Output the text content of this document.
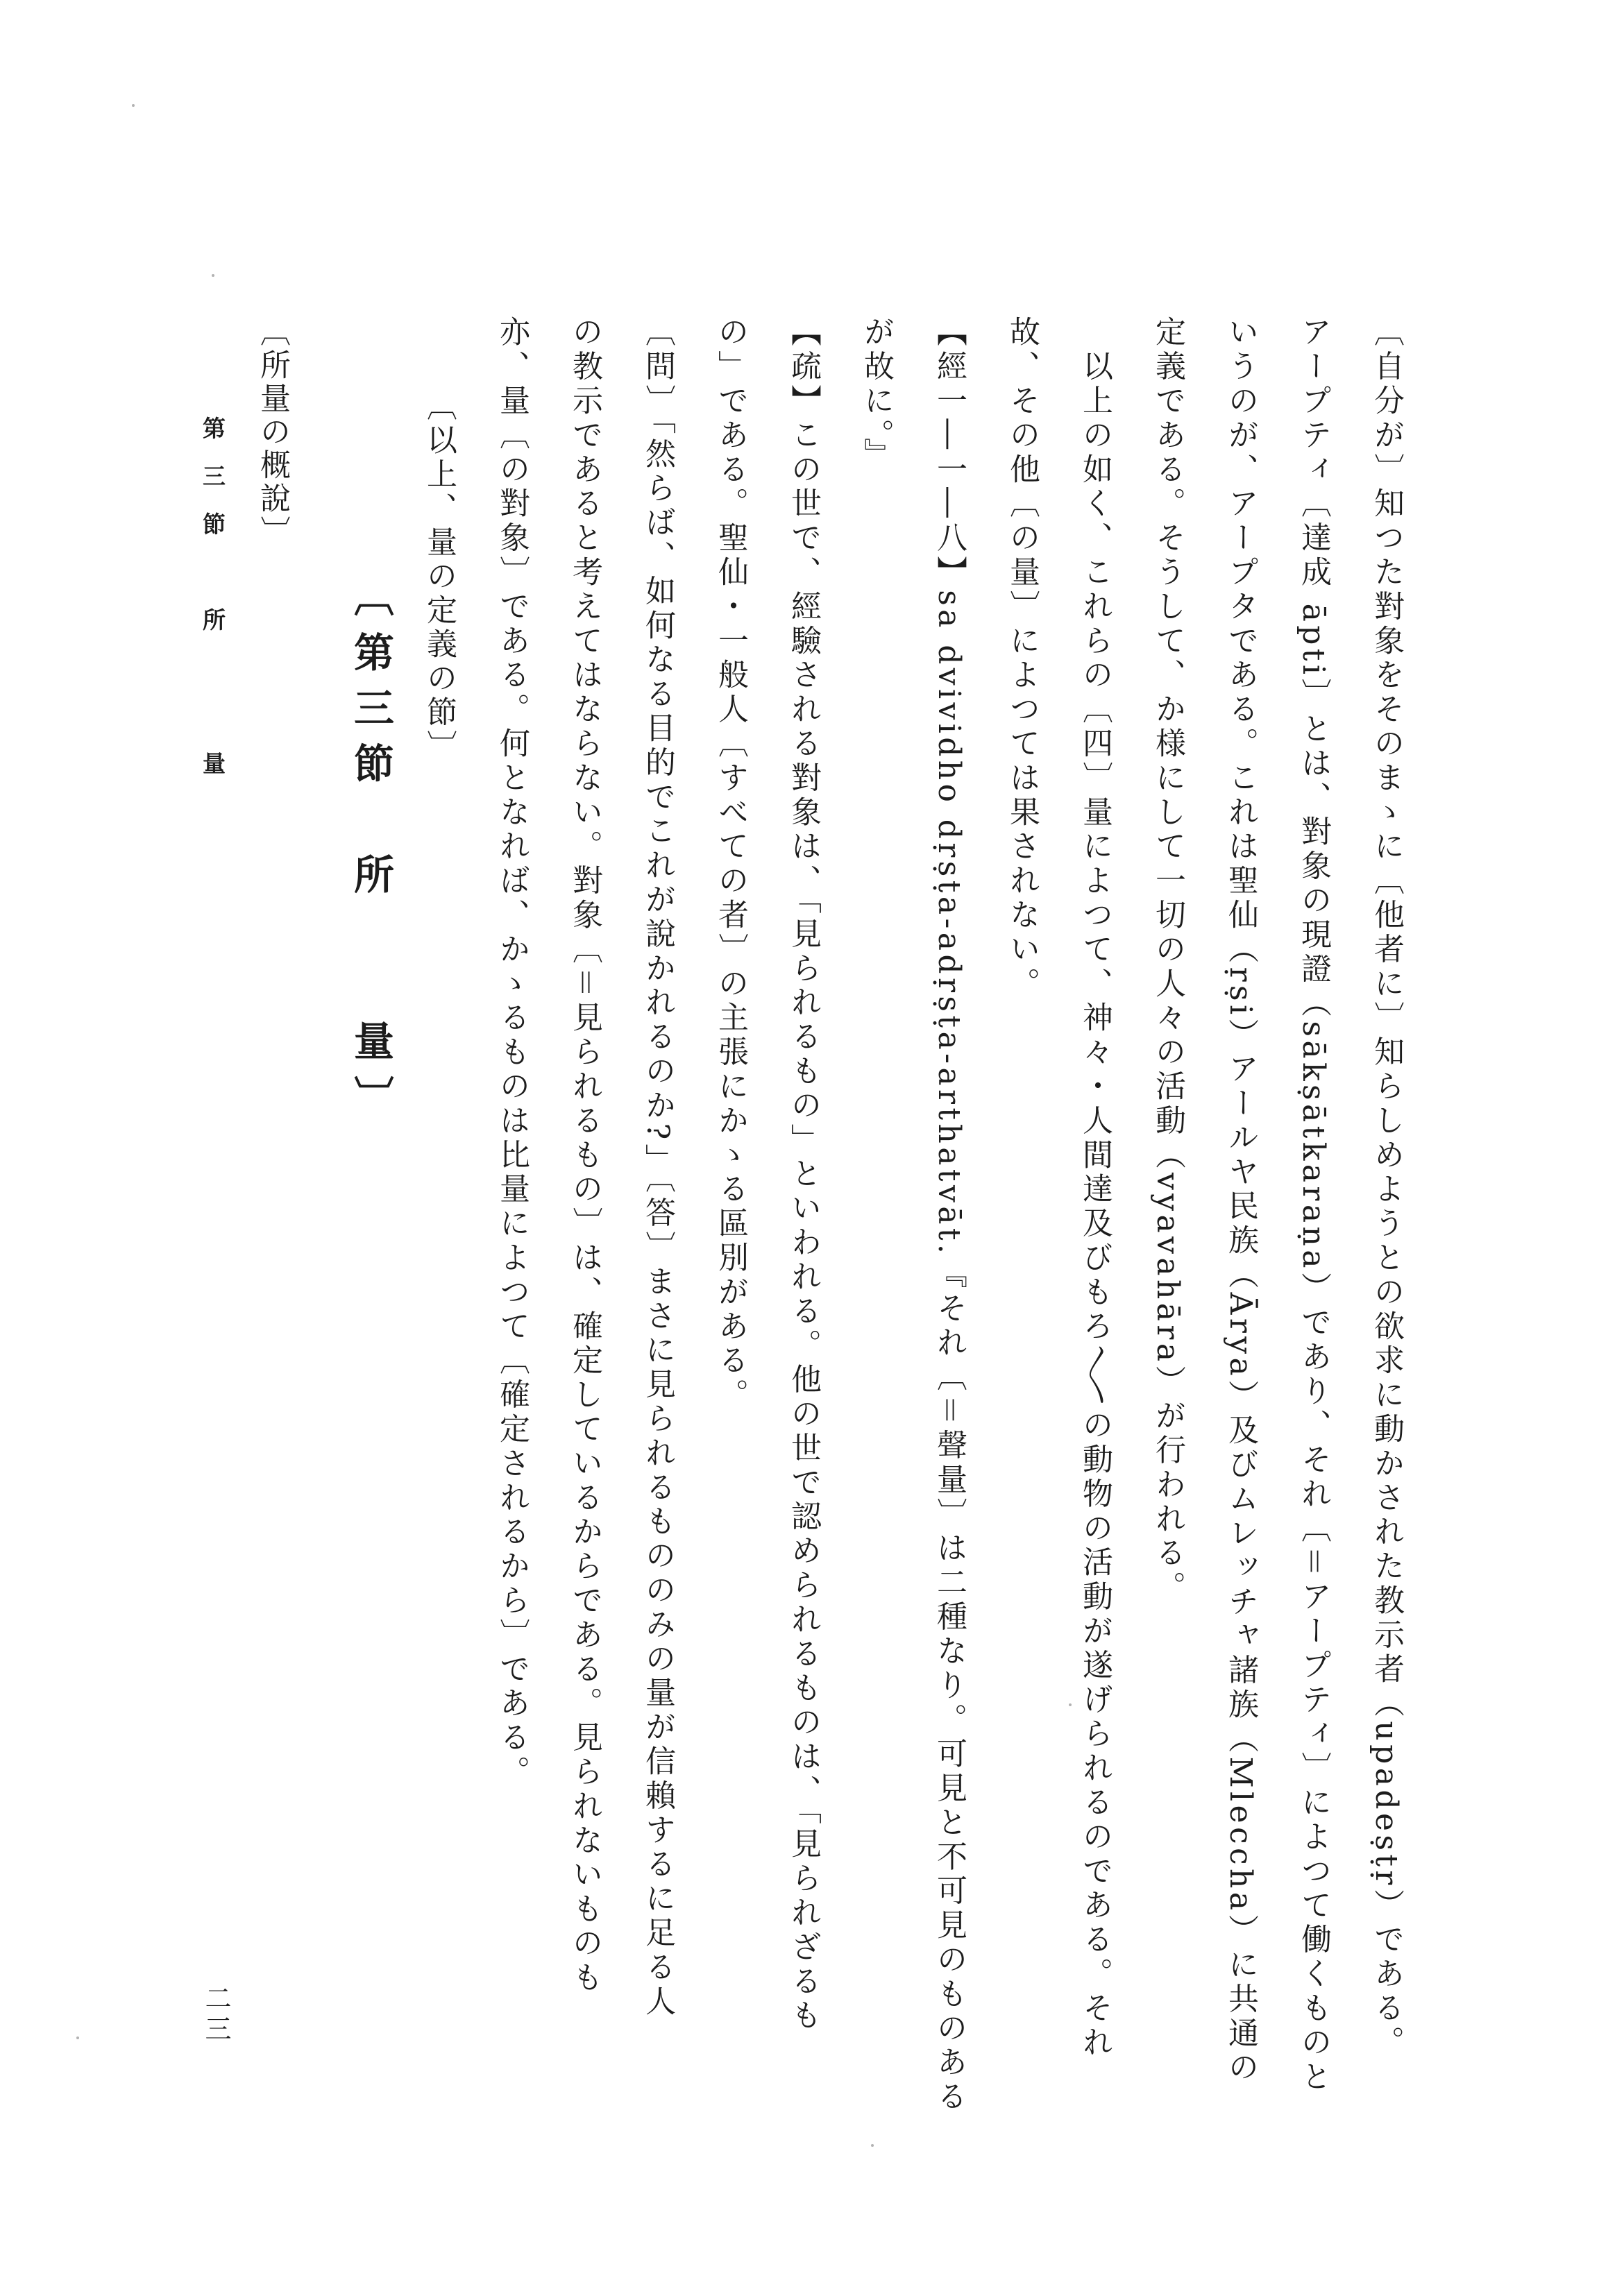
〔自分が〕知つた對象をそのまゝに〔他者に〕知らしめようとの欲求に動かされた教示者（upadeṣṭṛ）である。
アープティ〔達成 āpti〕とは、對象の現證（sākṣātkaraṇa）であり、それ〔＝アープティ〕によつて働くものと
いうのが、アープタである。これは聖仙（ṛṣi）アールヤ民族（Ārya）及びムレッチャ諸族（Mleccha）に共通の
定義である。そうして、か様にして一切の人々の活動（vyavahāra）が行われる。
　以上の如く、これらの〔四〕量によつて、神々・人間達及びもろ〳〵の動物の活動が遂げられるのである。それ
故、その他〔の量〕によつては果されない。
【經一―一―八】sa dvividho dṛṣṭa-adṛṣṭa-arthatvāt.『それ〔＝聲量〕は二種なり。可見と不可見のものある
が故に。』
【疏】この世で、經驗される對象は、「見られるもの」といわれる。他の世で認められるものは、「見られざるも
の」である。聖仙・一般人〔すべての者〕の主張にかゝる區別がある。
〔問〕「然らば、如何なる目的でこれが說かれるのか?」〔答〕まさに見られるもののみの量が信賴するに足る人
の教示であると考えてはならない。對象〔＝見られるもの〕は、確定しているからである。見られないものも
亦、量〔の對象〕である。何となれば、かゝるものは比量によつて〔確定されるから〕である。
〔以上、量の定義の節〕
〔第三節　所　　量〕
〔所量の概說〕
第三節　所　　量
二三
